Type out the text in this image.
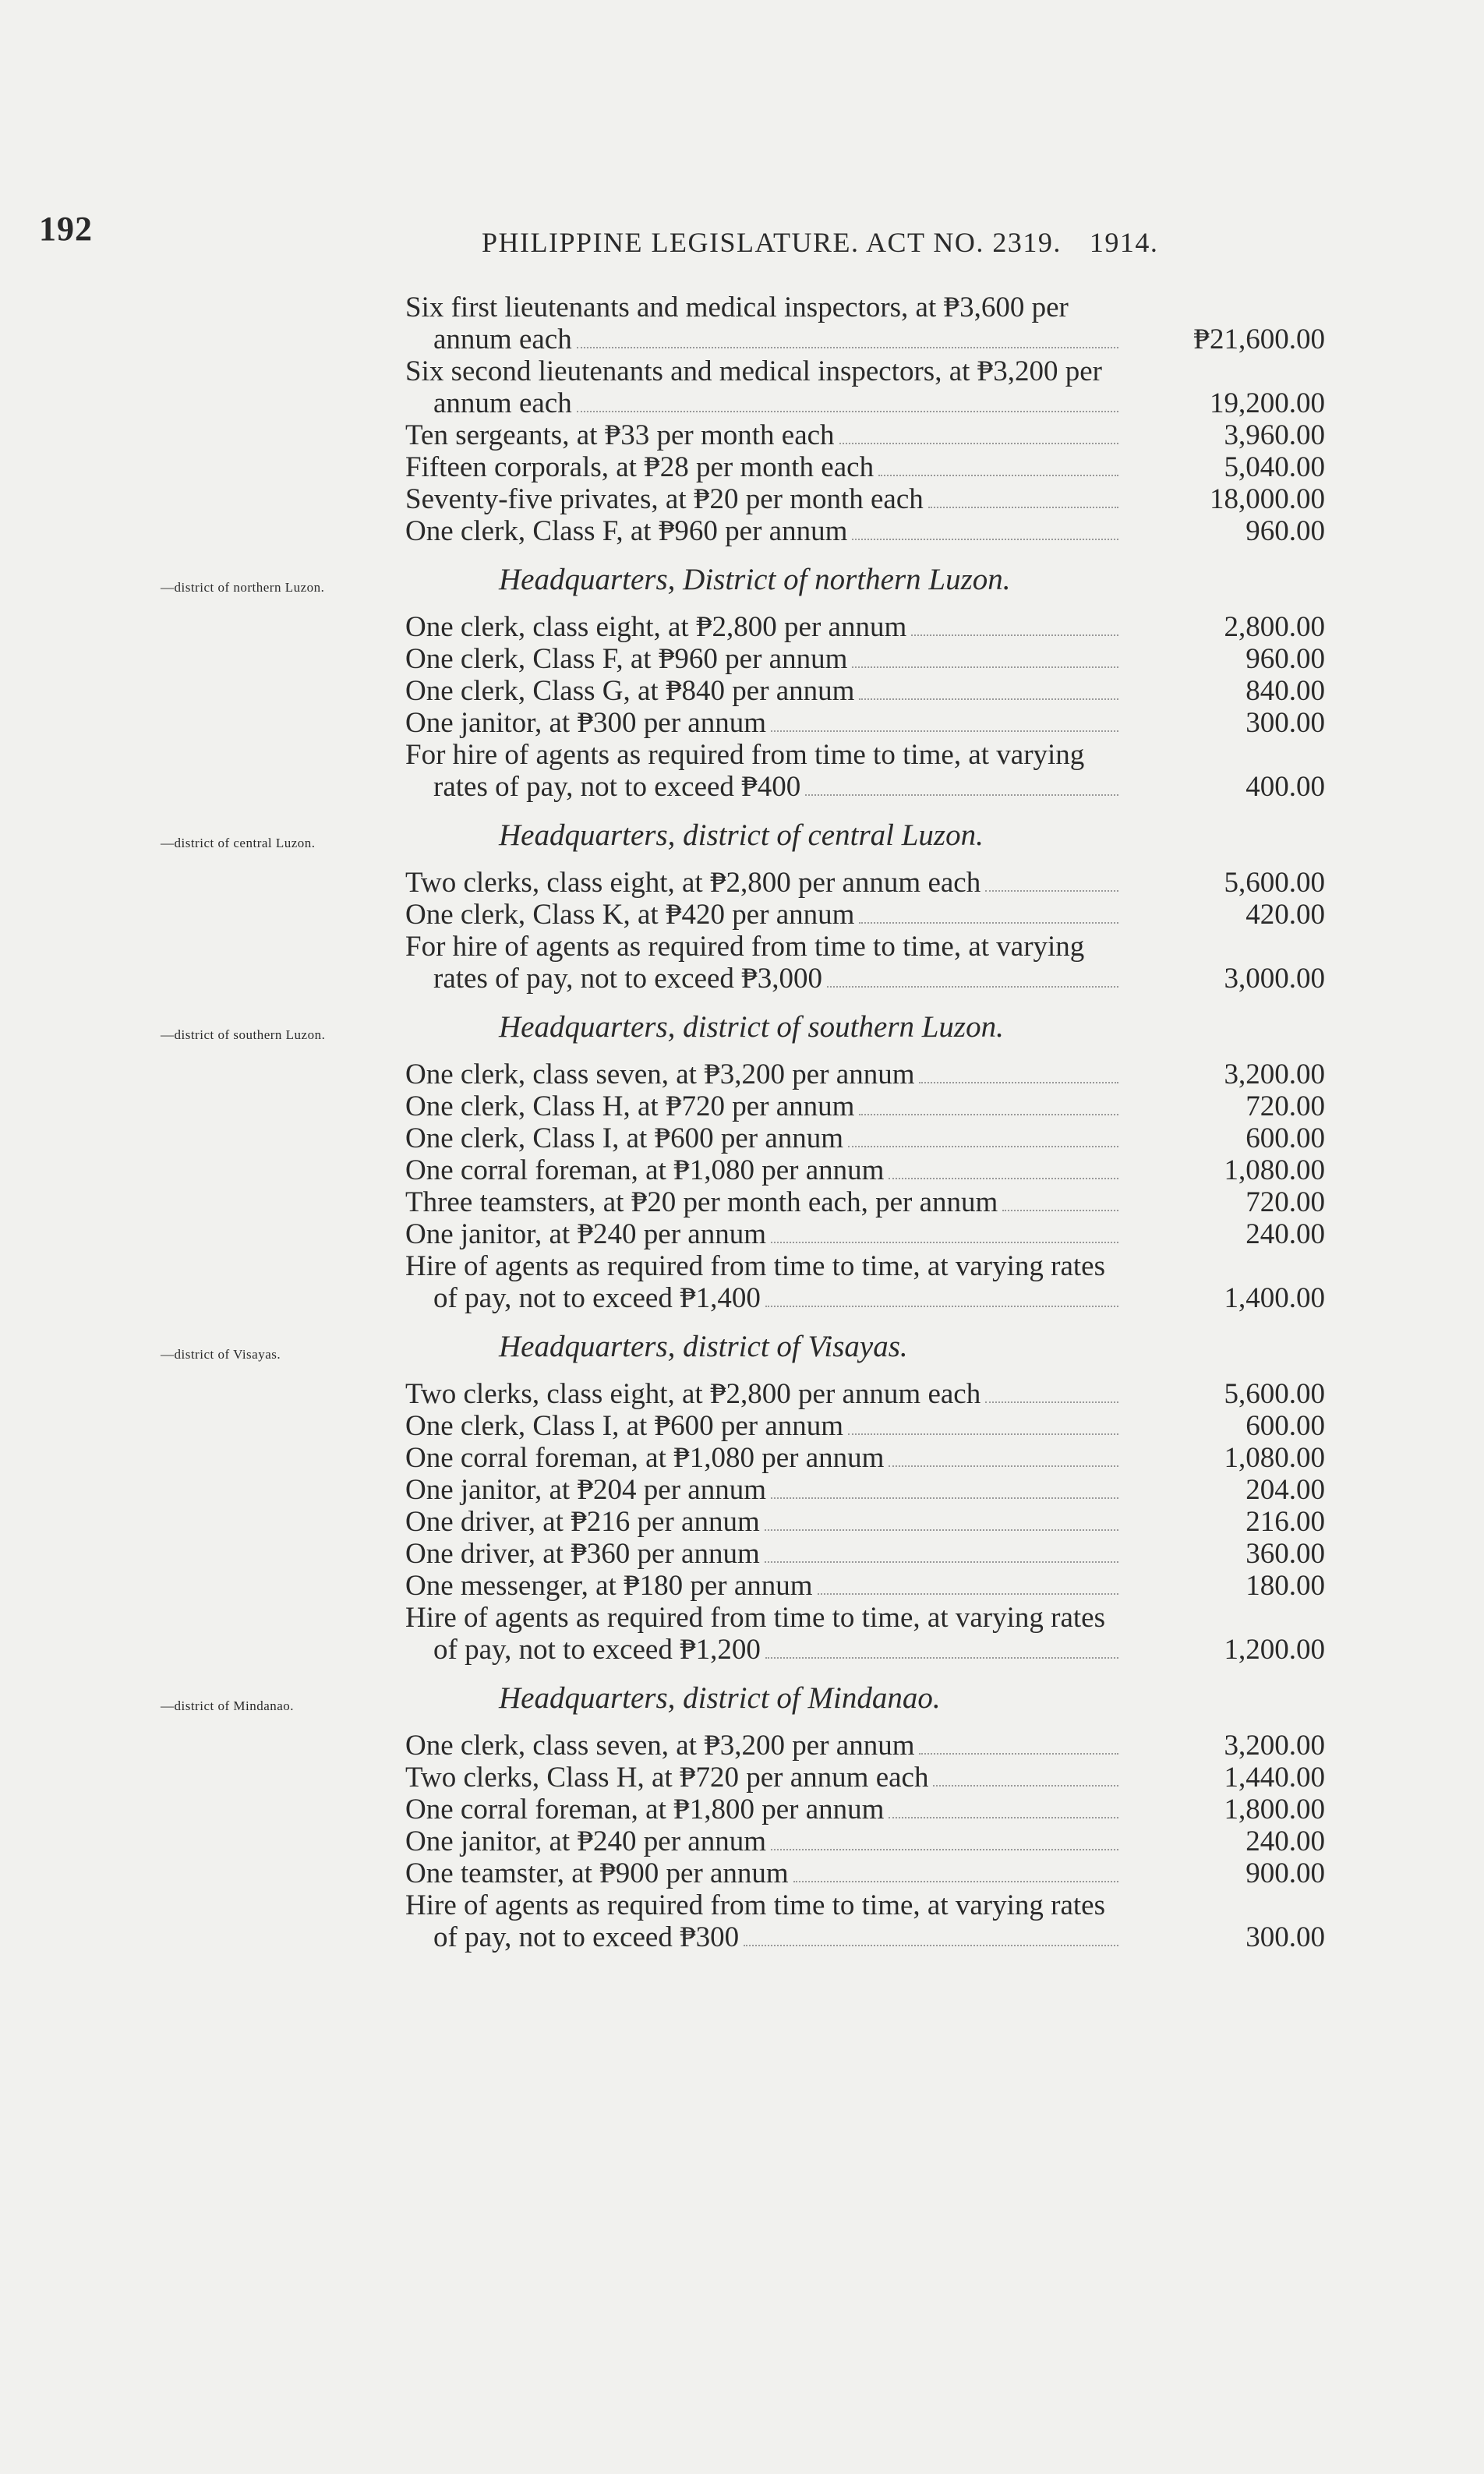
192	PHILIPPINE LEGISLATURE. ACT NO. 2319. 1914.
Six first lieutenants and medical inspectors, at ₱3,600 per annum each	₱21,600.00
Six second lieutenants and medical inspectors, at ₱3,200 per annum each	19,200.00
Ten sergeants, at ₱33 per month each	3,960.00
Fifteen corporals, at ₱28 per month each	5,040.00
Seventy-five privates, at ₱20 per month each	18,000.00
One clerk, Class F, at ₱960 per annum	960.00
Headquarters, District of northern Luzon.
—district of northern Luzon.
One clerk, class eight, at ₱2,800 per annum	2,800.00
One clerk, Class F, at ₱960 per annum	960.00
One clerk, Class G, at ₱840 per annum	840.00
One janitor, at ₱300 per annum	300.00
For hire of agents as required from time to time, at varying rates of pay, not to exceed ₱400	400.00
Headquarters, district of central Luzon.
—district of central Luzon.
Two clerks, class eight, at ₱2,800 per annum each	5,600.00
One clerk, Class K, at ₱420 per annum	420.00
For hire of agents as required from time to time, at varying rates of pay, not to exceed ₱3,000	3,000.00
Headquarters, district of southern Luzon.
—district of southern Luzon.
One clerk, class seven, at ₱3,200 per annum	3,200.00
One clerk, Class H, at ₱720 per annum	720.00
One clerk, Class I, at ₱600 per annum	600.00
One corral foreman, at ₱1,080 per annum	1,080.00
Three teamsters, at ₱20 per month each, per annum	720.00
One janitor, at ₱240 per annum	240.00
Hire of agents as required from time to time, at varying rates of pay, not to exceed ₱1,400	1,400.00
Headquarters, district of Visayas.
—district of Visayas.
Two clerks, class eight, at ₱2,800 per annum each	5,600.00
One clerk, Class I, at ₱600 per annum	600.00
One corral foreman, at ₱1,080 per annum	1,080.00
One janitor, at ₱204 per annum	204.00
One driver, at ₱216 per annum	216.00
One driver, at ₱360 per annum	360.00
One messenger, at ₱180 per annum	180.00
Hire of agents as required from time to time, at varying rates of pay, not to exceed ₱1,200	1,200.00
Headquarters, district of Mindanao.
—district of Mindanao.
One clerk, class seven, at ₱3,200 per annum	3,200.00
Two clerks, Class H, at ₱720 per annum each	1,440.00
One corral foreman, at ₱1,800 per annum	1,800.00
One janitor, at ₱240 per annum	240.00
One teamster, at ₱900 per annum	900.00
Hire of agents as required from time to time, at varying rates of pay, not to exceed ₱300	300.00
